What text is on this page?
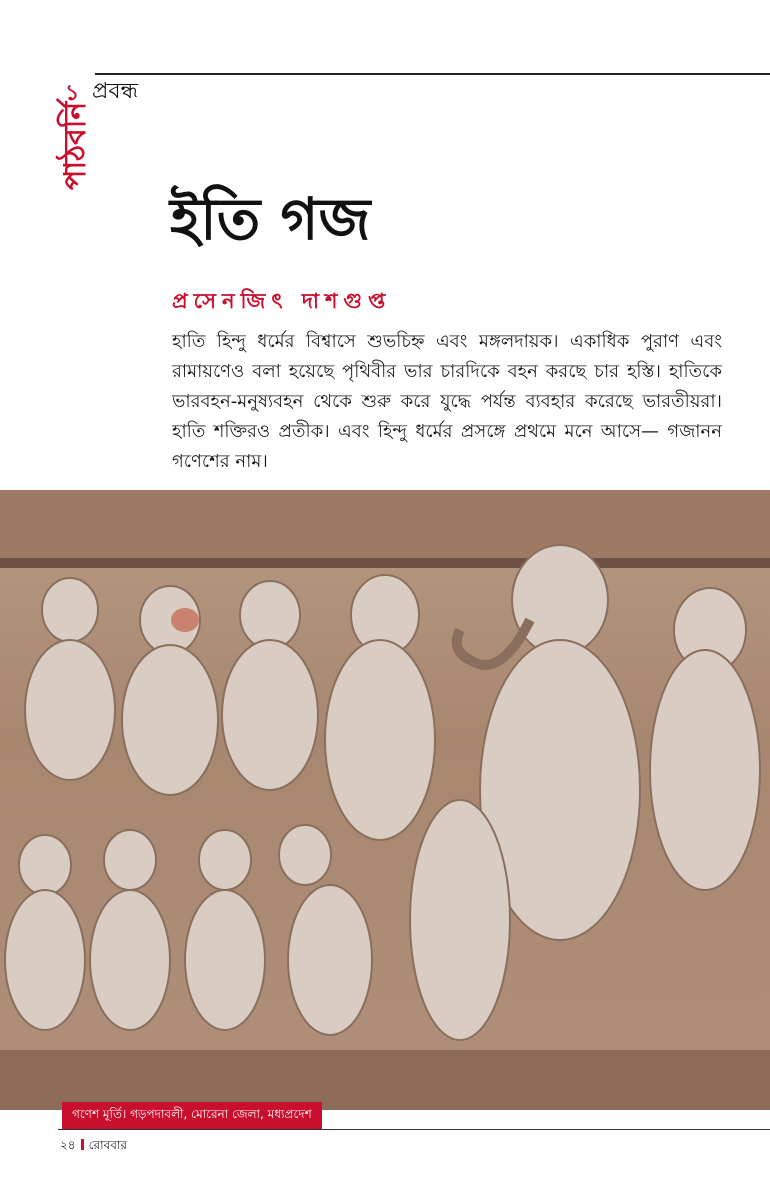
পাঠবর্নি
১ প্রবন্ধ
ইতি গজ
প্রসেনজিৎ দাশগুপ্ত

হাতি হিন্দু ধর্মের বিশ্বাসে শুভচিহ্ন এবং মঙ্গলদায়ক। একাধিক পুরাণ এবং রামায়ণেও বলা হয়েছে পৃথিবীর ভার চারদিকে বহন করছে চার হস্তি। হাতিকে ভারবহন-মনুষ্যবহন থেকে শুরু করে যুদ্ধে পর্যন্ত ব্যবহার করেছে ভারতীয়রা। হাতি শক্তিরও প্রতীক। এবং হিন্দু ধর্মের প্রসঙ্গে প্রথমে মনে আসে— গজানন গণেশের নাম।

গণেশ মূর্তি। গড়পদাবলী, মোরেনা জেলা, মধ্যপ্রদেশ
২৪ রোববার
